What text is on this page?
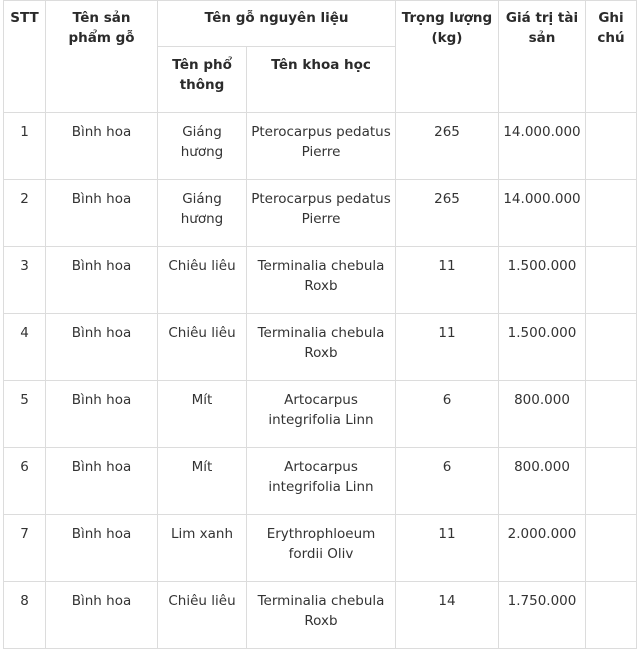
STT	Tên sản phẩm gỗ	Tên gỗ nguyên liệu		Trọng lượng (kg)	Giá trị tài sản	Ghi chú
		Tên phổ thông	Tên khoa học			
1	Bình hoa	Giáng hương	Pterocarpus pedatus Pierre	265	14.000.000	
2	Bình hoa	Giáng hương	Pterocarpus pedatus Pierre	265	14.000.000	
3	Bình hoa	Chiêu liêu	Terminalia chebula Roxb	11	1.500.000	
4	Bình hoa	Chiêu liêu	Terminalia chebula Roxb	11	1.500.000	
5	Bình hoa	Mít	Artocarpus integrifolia Linn	6	800.000	
6	Bình hoa	Mít	Artocarpus integrifolia Linn	6	800.000	
7	Bình hoa	Lim xanh	Erythrophloeum fordii Oliv	11	2.000.000	
8	Bình hoa	Chiêu liêu	Terminalia chebula Roxb	14	1.750.000	
